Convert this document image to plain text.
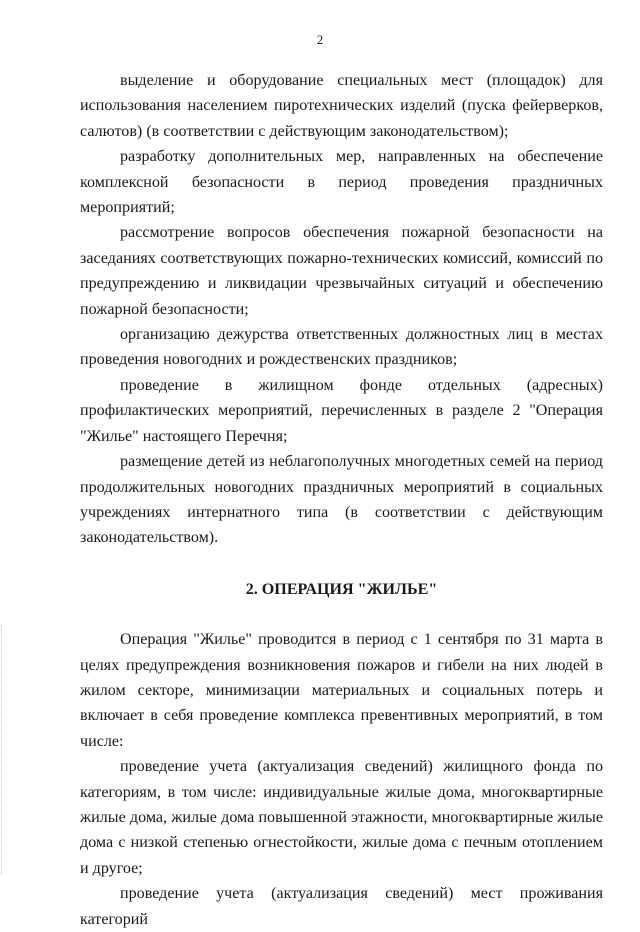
2

выделение и оборудование специальных мест (площадок) для использования населением пиротехнических изделий (пуска фейерверков, салютов) (в соответствии с действующим законодательством);

разработку дополнительных мер, направленных на обеспечение комплексной безопасности в период проведения праздничных мероприятий;

рассмотрение вопросов обеспечения пожарной безопасности на заседаниях соответствующих пожарно-технических комиссий, комиссий по предупреждению и ликвидации чрезвычайных ситуаций и обеспечению пожарной безопасности;

организацию дежурства ответственных должностных лиц в местах проведения новогодних и рождественских праздников;

проведение в жилищном фонде отдельных (адресных) профилактических мероприятий, перечисленных в разделе 2 "Операция "Жилье" настоящего Перечня;

размещение детей из неблагополучных многодетных семей на период продолжительных новогодних праздничных мероприятий в социальных учреждениях интернатного типа (в соответствии с действующим законодательством).

2. ОПЕРАЦИЯ "ЖИЛЬЕ"

Операция "Жилье" проводится в период с 1 сентября по 31 марта в целях предупреждения возникновения пожаров и гибели на них людей в жилом секторе, минимизации материальных и социальных потерь и включает в себя проведение комплекса превентивных мероприятий, в том числе:

проведение учета (актуализация сведений) жилищного фонда по категориям, в том числе: индивидуальные жилые дома, многоквартирные жилые дома, жилые дома повышенной этажности, многоквартирные жилые дома с низкой степенью огнестойкости, жилые дома с печным отоплением и другое;

проведение учета (актуализация сведений) мест проживания категорий
